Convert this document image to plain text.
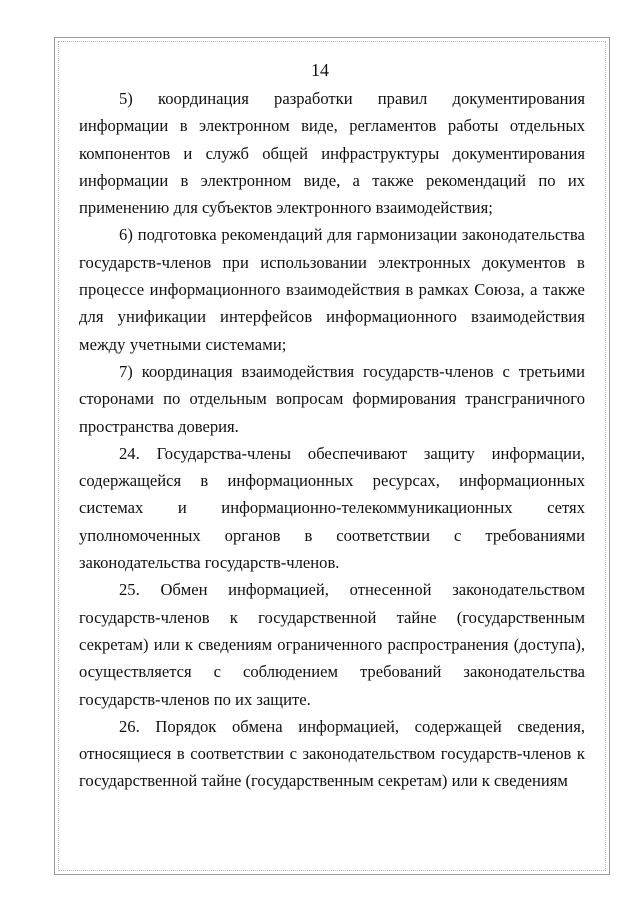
14

5) координация разработки правил документирования информации в электронном виде, регламентов работы отдельных компонентов и служб общей инфраструктуры документирования информации в электронном виде, а также рекомендаций по их применению для субъектов электронного взаимодействия;

6) подготовка рекомендаций для гармонизации законодательства государств-членов при использовании электронных документов в процессе информационного взаимодействия в рамках Союза, а также для унификации интерфейсов информационного взаимодействия между учетными системами;

7) координация взаимодействия государств-членов с третьими сторонами по отдельным вопросам формирования трансграничного пространства доверия.

24. Государства-члены обеспечивают защиту информации, содержащейся в информационных ресурсах, информационных системах и информационно-телекоммуникационных сетях уполномоченных органов в соответствии с требованиями законодательства государств-членов.

25. Обмен информацией, отнесенной законодательством государств-членов к государственной тайне (государственным секретам) или к сведениям ограниченного распространения (доступа), осуществляется с соблюдением требований законодательства государств-членов по их защите.

26. Порядок обмена информацией, содержащей сведения, относящиеся в соответствии с законодательством государств-членов к государственной тайне (государственным секретам) или к сведениям
